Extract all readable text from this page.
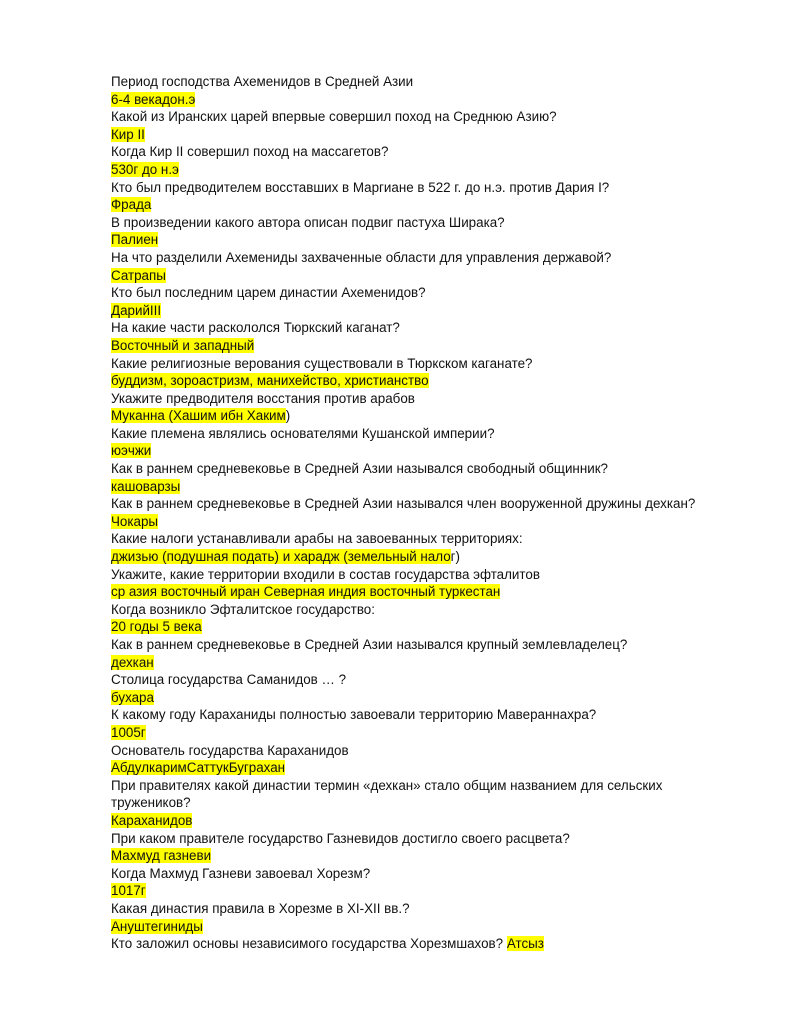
Период господства Ахеменидов в Средней Азии
6-4 векадон.э
Какой из Иранских царей впервые совершил поход на Среднюю Азию?
Кир II
Когда Кир II совершил поход на массагетов?
530г до н.э
Кто был предводителем восставших в Маргиане в 522 г. до н.э. против Дария I?
Фрада
В произведении какого автора описан подвиг пастуха Ширака?
Палиен
На что разделили Ахемениды захваченные области для управления державой?
Сатрапы
Кто был последним царем династии Ахеменидов?
ДарийIII
На какие части раскололся Тюркский каганат?
Восточный и западный
Какие религиозные верования существовали в Тюркском каганате?
буддизм, зороастризм, манихейство, христианство
Укажите предводителя восстания против арабов
Муканна (Хашим ибн Хаким)
Какие племена являлись основателями Кушанской империи?
юэчжи
Как в раннем средневековье в Средней Азии назывался свободный общинник?
кашоварзы
Как в раннем средневековье в Средней Азии назывался член вооруженной дружины дехкан?
Чокары
Какие налоги устанавливали арабы на завоеванных территориях:
джизью (подушная подать) и харадж (земельный налог)
Укажите, какие территории входили в состав государства эфталитов
ср азия восточный иран Северная индия восточный туркестан
Когда возникло Эфталитское государство:
20 годы 5 века
Как в раннем средневековье в Средней Азии назывался крупный землевладелец?
дехкан
Столица государства Саманидов … ?
бухара
К какому году Караханиды полностью завоевали территорию Мавераннахра?
1005г
Основатель государства Караханидов
АбдулкаримСаттукБуграхан
При правителях какой династии термин «дехкан» стало общим названием для сельских тружеников?
Караханидов
При каком правителе государство Газневидов достигло своего расцвета?
Махмуд газневи
Когда Махмуд Газневи завоевал Хорезм?
1017г
Какая династия правила в Хорезме в XI-XII вв.?
Ануштегиниды
Кто заложил основы независимого государства Хорезмшахов? Атсыз
